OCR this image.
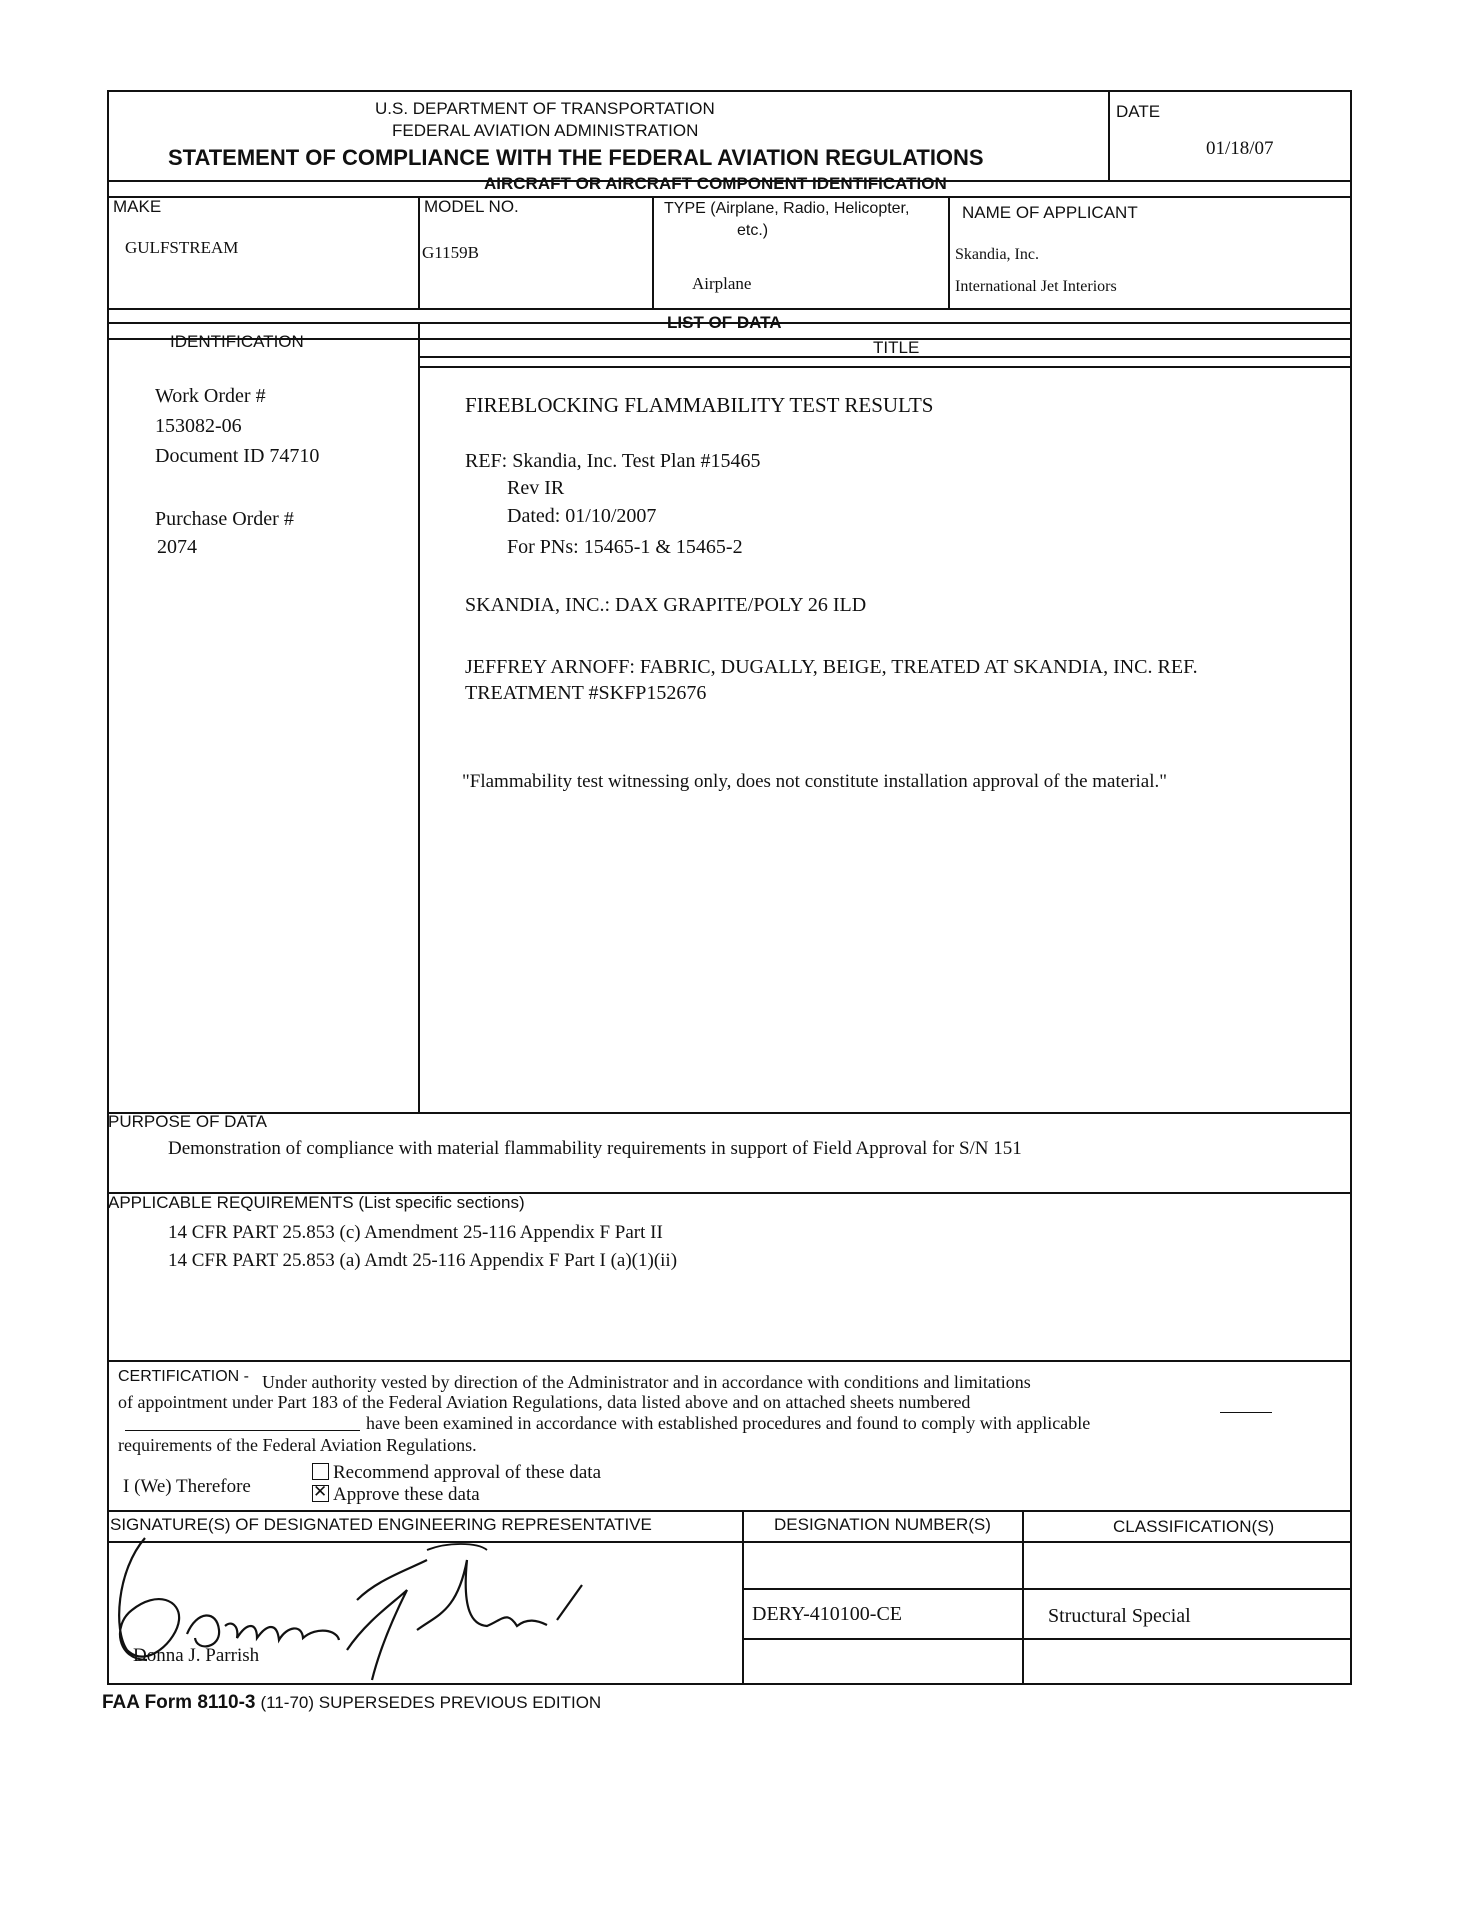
U.S. DEPARTMENT OF TRANSPORTATION
FEDERAL AVIATION ADMINISTRATION
STATEMENT OF COMPLIANCE WITH THE FEDERAL AVIATION REGULATIONS
DATE
01/18/07
AIRCRAFT OR AIRCRAFT COMPONENT IDENTIFICATION
MAKE
GULFSTREAM
MODEL NO.
G1159B
TYPE (Airplane, Radio, Helicopter,
etc.)
Airplane
NAME OF APPLICANT
Skandia, Inc.
International Jet Interiors
LIST OF DATA
IDENTIFICATION	TITLE
Work Order #
153082-06
Document ID 74710
Purchase Order #
2074
FIREBLOCKING FLAMMABILITY TEST RESULTS
REF: Skandia, Inc. Test Plan #15465
Rev IR
Dated: 01/10/2007
For PNs: 15465-1 & 15465-2
SKANDIA, INC.: DAX GRAPITE/POLY 26 ILD
JEFFREY ARNOFF: FABRIC, DUGALLY, BEIGE, TREATED AT SKANDIA, INC. REF.
TREATMENT #SKFP152676
"Flammability test witnessing only, does not constitute installation approval of the material."
PURPOSE OF DATA
Demonstration of compliance with material flammability requirements in support of Field Approval for S/N 151
APPLICABLE REQUIREMENTS (List specific sections)
14 CFR PART 25.853 (c) Amendment 25-116 Appendix F Part II
14 CFR PART 25.853 (a) Amdt 25-116 Appendix F Part I (a)(1)(ii)
CERTIFICATION - Under authority vested by direction of the Administrator and in accordance with conditions and limitations
of appointment under Part 183 of the Federal Aviation Regulations, data listed above and on attached sheets numbered
have been examined in accordance with established procedures and found to comply with applicable
requirements of the Federal Aviation Regulations.
I (We) Therefore
Recommend approval of these data
✕Approve these data
SIGNATURE(S) OF DESIGNATED ENGINEERING REPRESENTATIVE	DESIGNATION NUMBER(S)	CLASSIFICATION(S)
Donna J. Parrish
DERY-410100-CE	Structural Special
FAA Form 8110-3 (11-70) SUPERSEDES PREVIOUS EDITION
